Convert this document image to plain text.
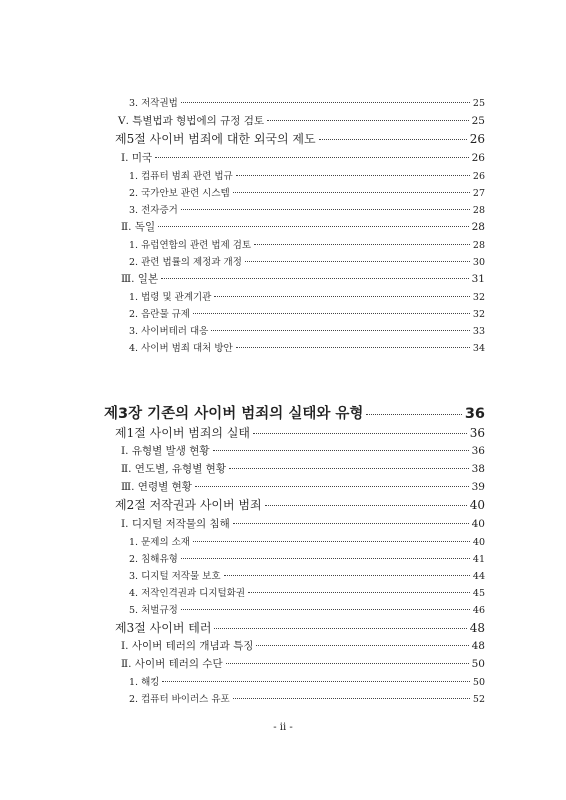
3. 저작권법	25
Ⅴ. 특별법과 형법에의 규정 검토	25
제5절 사이버 범죄에 대한 외국의 제도	26
Ⅰ. 미국	26
1. 컴퓨터 범죄 관련 법규	26
2. 국가안보 관련 시스템	27
3. 전자증거	28
Ⅱ. 독일	28
1. 유럽연합의 관련 법제 검토	28
2. 관련 법률의 제정과 개정	30
Ⅲ. 일본	31
1. 법령 및 관계기관	32
2. 음란물 규제	32
3. 사이버테러 대응	33
4. 사이버 범죄 대처 방안	34
제3장 기존의 사이버 범죄의 실태와 유형	36
제1절 사이버 범죄의 실태	36
Ⅰ. 유형별 발생 현황	36
Ⅱ. 연도별, 유형별 현황	38
Ⅲ. 연령별 현황	39
제2절 저작권과 사이버 범죄	40
Ⅰ. 디지털 저작물의 침해	40
1. 문제의 소재	40
2. 침해유형	41
3. 디지털 저작물 보호	44
4. 저작인격권과 디지털화권	45
5. 처벌규정	46
제3절 사이버 테러	48
Ⅰ. 사이버 테러의 개념과 특징	48
Ⅱ. 사이버 테러의 수단	50
1. 해킹	50
2. 컴퓨터 바이러스 유포	52
- ii -
